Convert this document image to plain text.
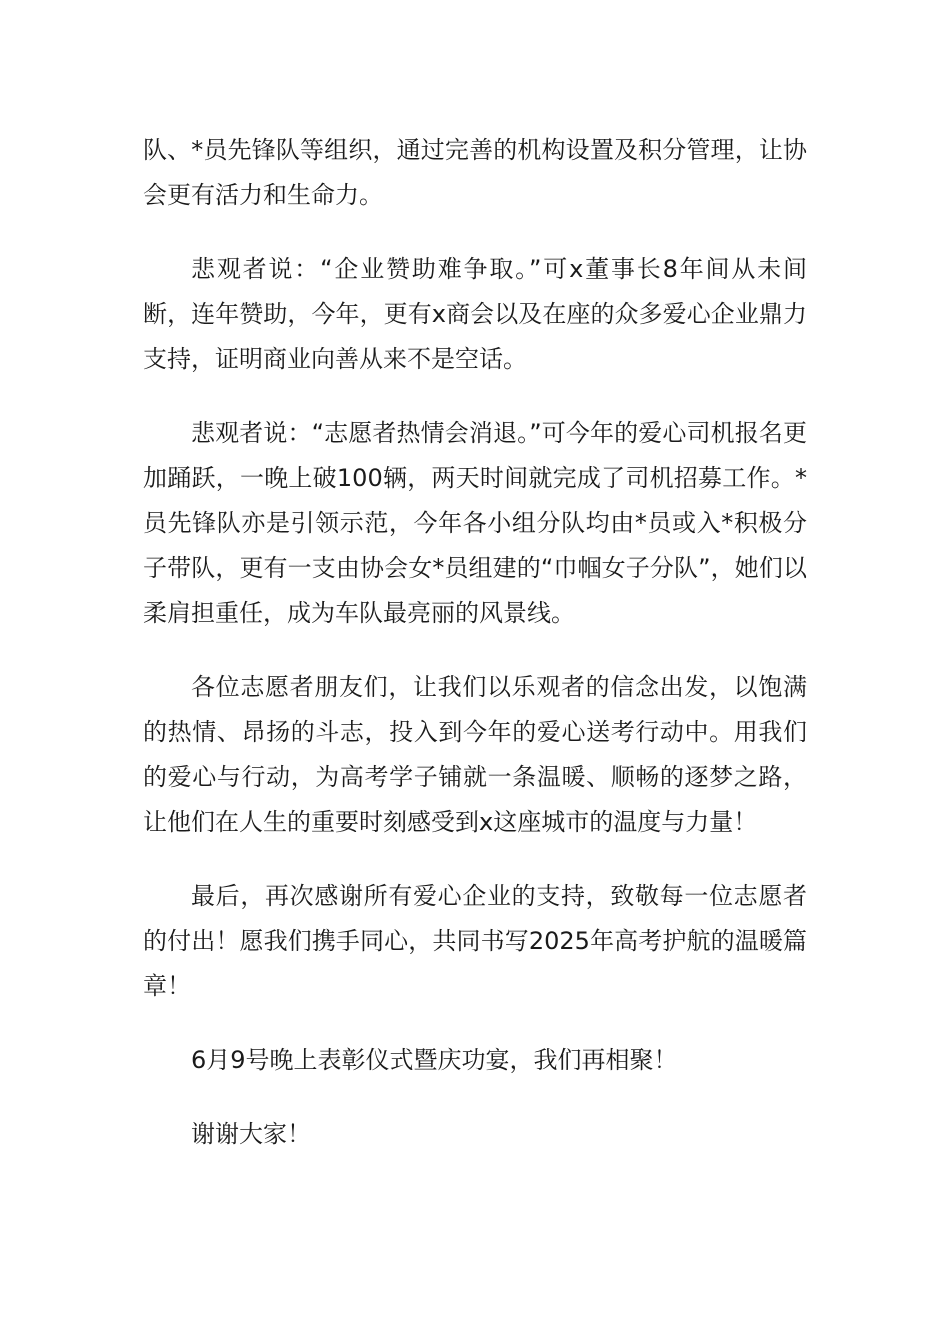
队、*员先锋队等组织，通过完善的机构设置及积分管理，让协会更有活力和生命力。

悲观者说：“企业赞助难争取。”可x董事长8年间从未间断，连年赞助，今年，更有x商会以及在座的众多爱心企业鼎力支持，证明商业向善从来不是空话。

悲观者说：“志愿者热情会消退。”可今年的爱心司机报名更加踊跃，一晚上破100辆，两天时间就完成了司机招募工作。*员先锋队亦是引领示范，今年各小组分队均由*员或入*积极分子带队，更有一支由协会女*员组建的“巾帼女子分队”，她们以柔肩担重任，成为车队最亮丽的风景线。

各位志愿者朋友们，让我们以乐观者的信念出发，以饱满的热情、昂扬的斗志，投入到今年的爱心送考行动中。用我们的爱心与行动，为高考学子铺就一条温暖、顺畅的逐梦之路，让他们在人生的重要时刻感受到x这座城市的温度与力量！

最后，再次感谢所有爱心企业的支持，致敬每一位志愿者的付出！愿我们携手同心，共同书写2025年高考护航的温暖篇章！

6月9号晚上表彰仪式暨庆功宴，我们再相聚！

谢谢大家！
